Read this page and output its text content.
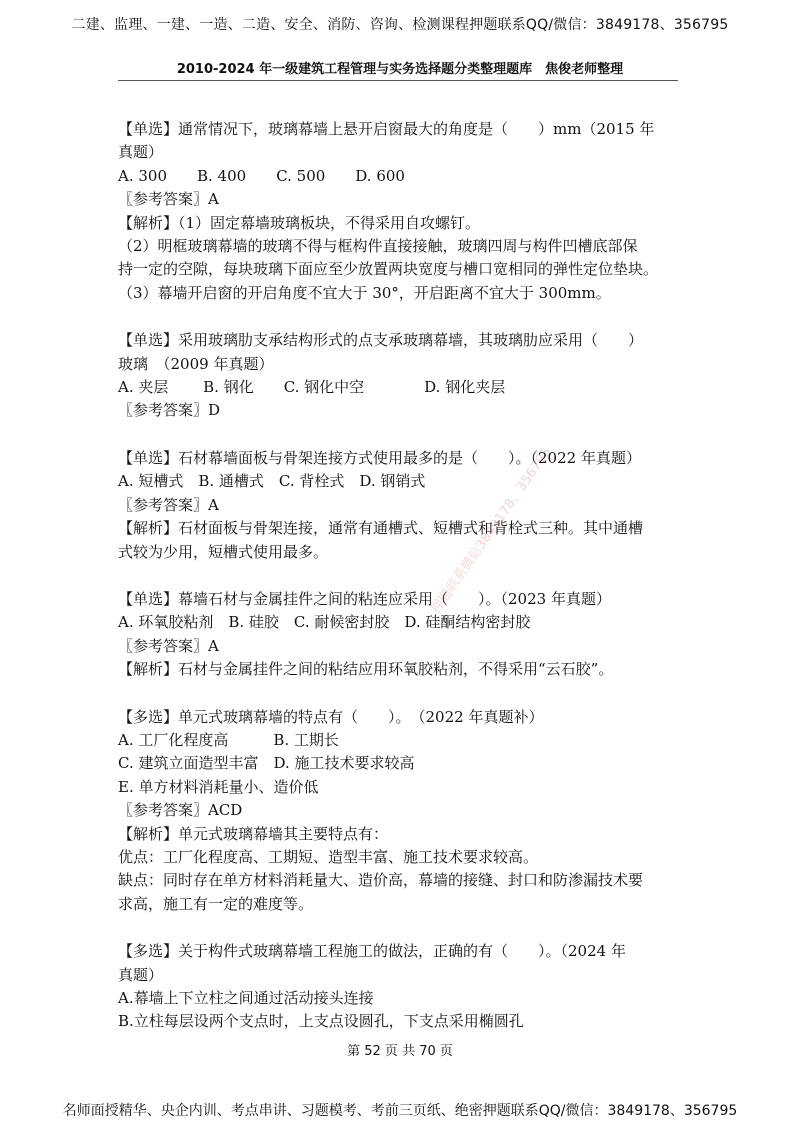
二建、监理、一建、一造、二造、安全、消防、咨询、检测课程押题联系QQ/微信：3849178、356795
2010-2024 年一级建筑工程管理与实务选择题分类整理题库　焦俊老师整理

【单选】通常情况下，玻璃幕墙上悬开启窗最大的角度是（　　）mm（2015 年

真题）

A. 300　　B. 400　　C. 500　　D. 600

〖参考答案〗A

【解析】（1）固定幕墙玻璃板块，不得采用自攻螺钉。

（2）明框玻璃幕墙的玻璃不得与框构件直接接触，玻璃四周与构件凹槽底部保

持一定的空隙，每块玻璃下面应至少放置两块宽度与槽口宽相同的弹性定位垫块。

（3）幕墙开启窗的开启角度不宜大于 30°，开启距离不宜大于 300mm。

【单选】采用玻璃肋支承结构形式的点支承玻璃幕墙，其玻璃肋应采用（　　）

玻璃　（2009 年真题）

A. 夹层　　 B. 钢化　　C. 钢化中空　　　　D. 钢化夹层

〖参考答案〗D

【单选】石材幕墙面板与骨架连接方式使用最多的是（　　）。（2022 年真题）

A. 短槽式　B. 通槽式　C. 背栓式　D. 钢销式

〖参考答案〗A

【解析】石材面板与骨架连接，通常有通槽式、短槽式和背栓式三种。其中通槽

式较为少用，短槽式使用最多。

【单选】幕墙石材与金属挂件之间的粘连应采用（　　）。（2023 年真题）

A. 环氧胶粘剂　B. 硅胶　C. 耐候密封胶　D. 硅酮结构密封胶

〖参考答案〗A

【解析】石材与金属挂件之间的粘结应用环氧胶粘剂，不得采用“云石胶”。

【多选】单元式玻璃幕墙的特点有（　　）。　（2022 年真题补）

A. 工厂化程度高　　　B. 工期长

C. 建筑立面造型丰富　D. 施工技术要求较高

E. 单方材料消耗量小、造价低

〖参考答案〗ACD

【解析】单元式玻璃幕墙其主要特点有：

优点：工厂化程度高、工期短、造型丰富、施工技术要求较高。

缺点：同时存在单方材料消耗量大、造价高，幕墙的接缝、封口和防渗漏技术要

求高，施工有一定的难度等。

【多选】关于构件式玻璃幕墙工程施工的做法，正确的有（　　）。（2024 年

真题）

A.幕墙上下立柱之间通过活动接头连接

B.立柱每层设两个支点时，上支点设圆孔，下支点采用椭圆孔

押题联系微信3849178、356795
第 52 页 共 70 页
名师面授精华、央企内训、考点串讲、习题模考、考前三页纸、绝密押题联系QQ/微信：3849178、356795
